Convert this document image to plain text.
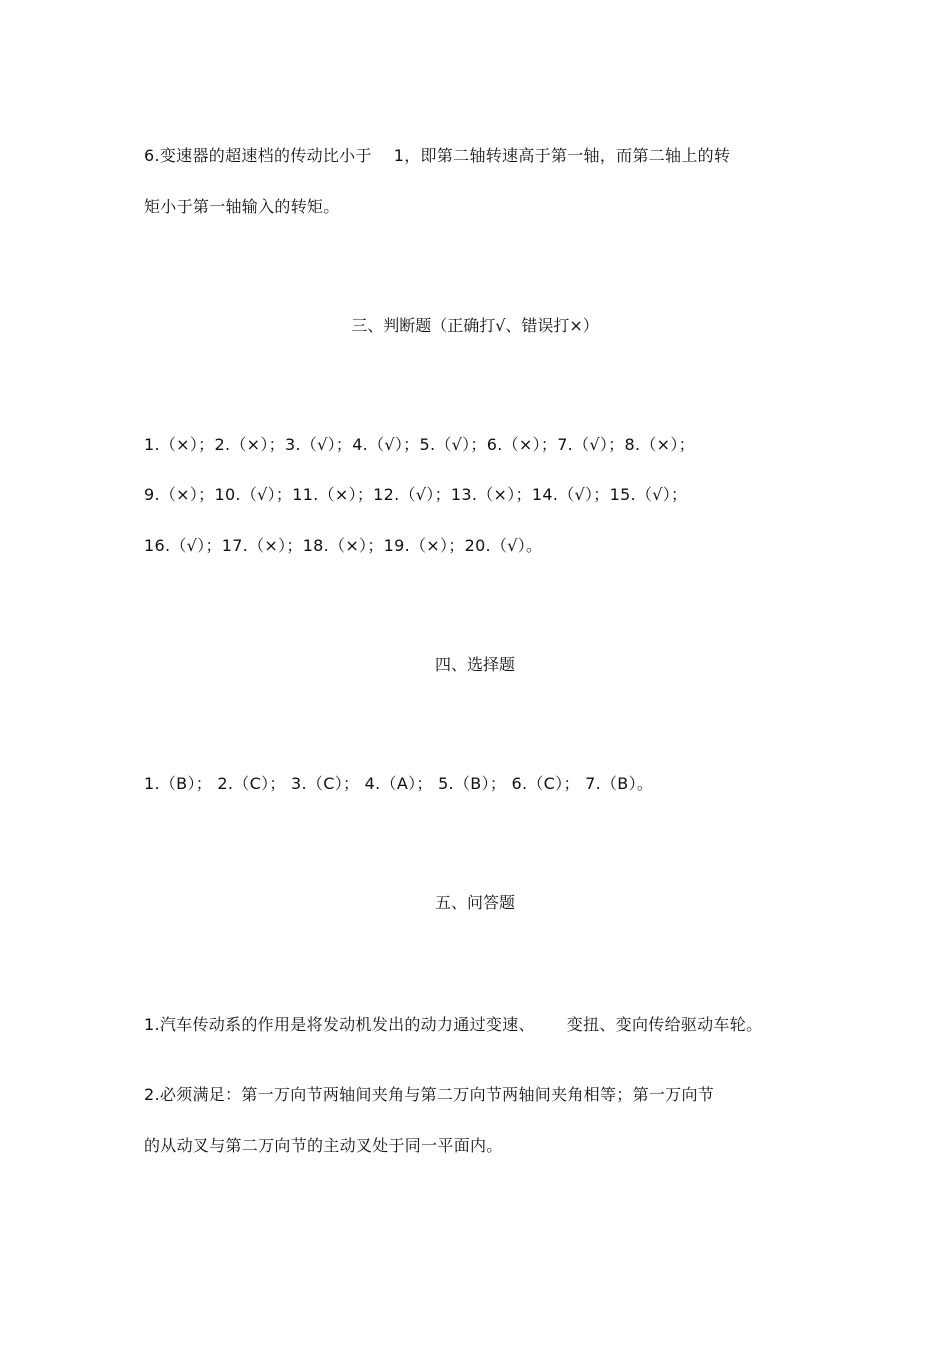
6.变速器的超速档的传动比小于 1，即第二轴转速高于第一轴，而第二轴上的转
矩小于第一轴输入的转矩。
三、判断题（正确打√、错误打×）
1.（×）；2.（×）；3.（√）；4.（√）；5.（√）；6.（×）；7.（√）；8.（×）；
9.（×）；10.（√）；11.（×）；12.（√）；13.（×）；14.（√）；15.（√）；
16.（√）；17.（×）；18.（×）；19.（×）；20.（√）。
四、选择题
1.（B）； 2.（C）； 3.（C）； 4.（A）； 5.（B）； 6.（C）； 7.（B）。
五、问答题
1.汽车传动系的作用是将发动机发出的动力通过变速、 变扭、变向传给驱动车轮。
2.必须满足：第一万向节两轴间夹角与第二万向节两轴间夹角相等；第一万向节
的从动叉与第二万向节的主动叉处于同一平面内。
